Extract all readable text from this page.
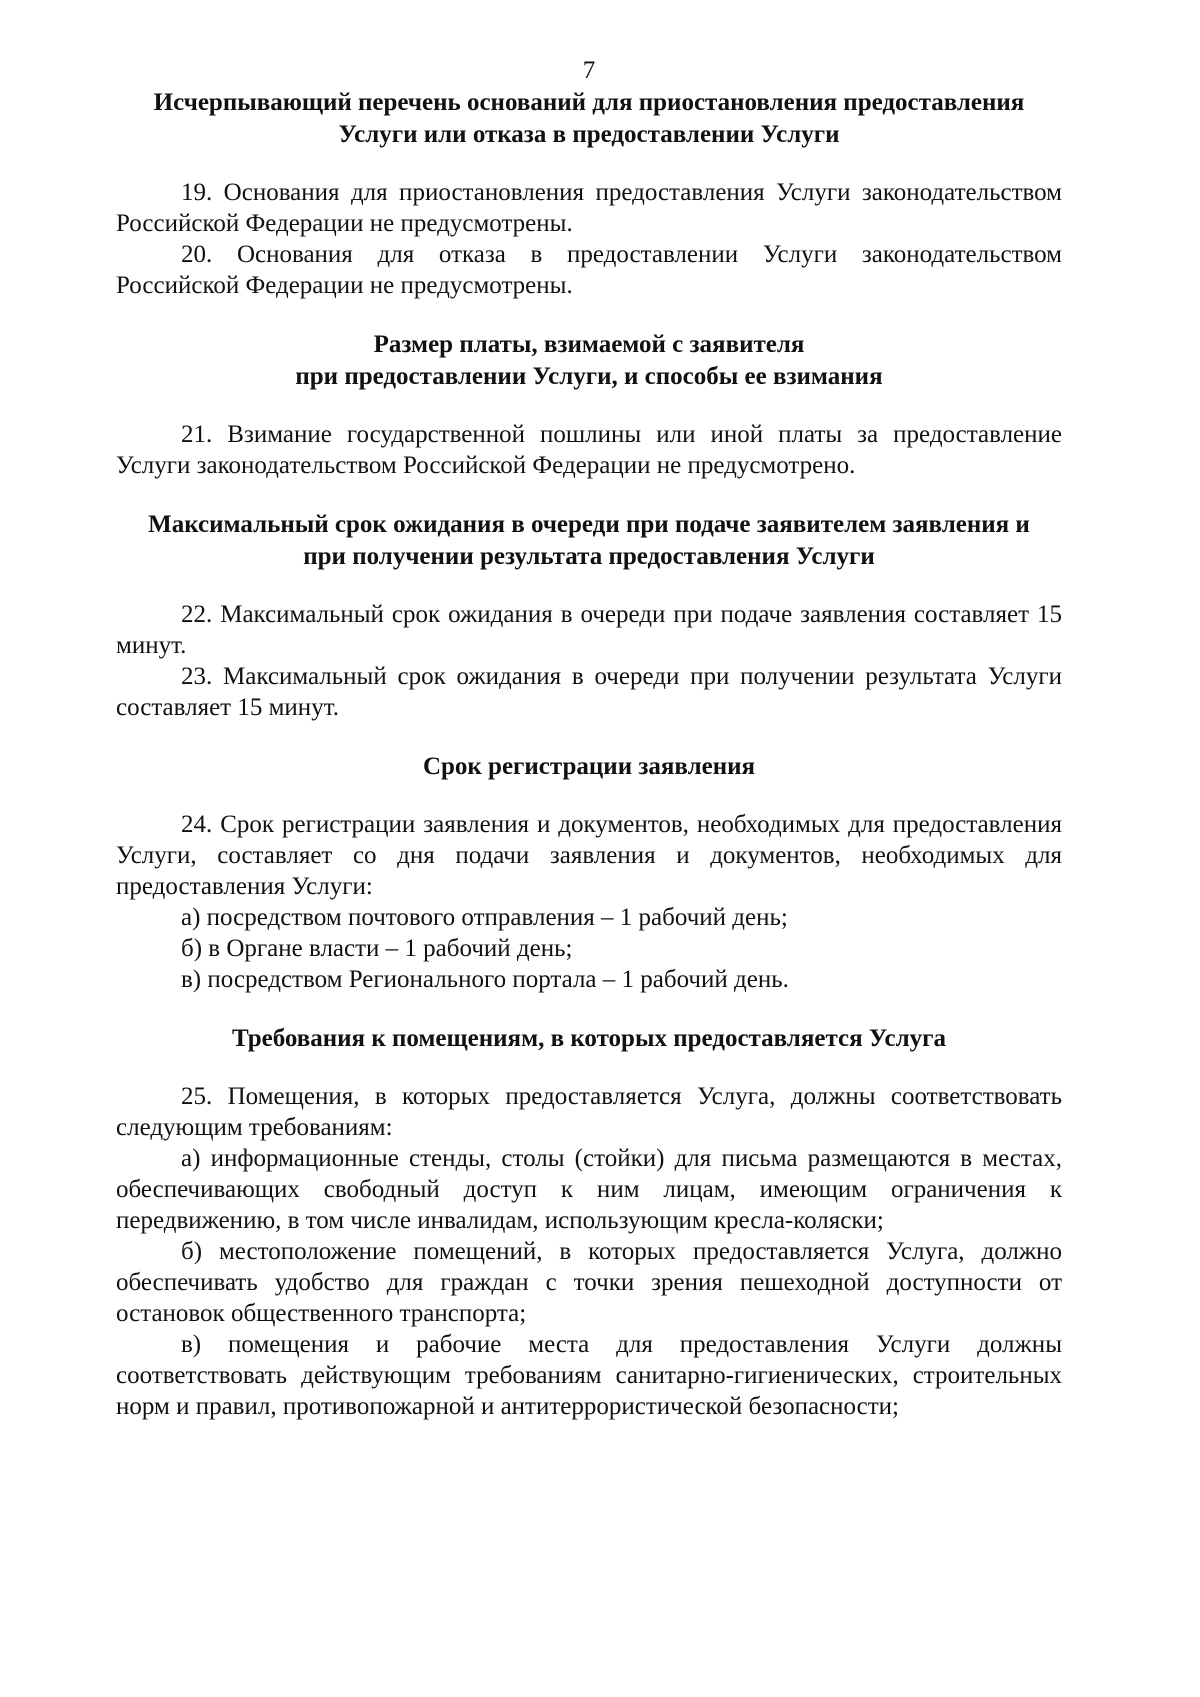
7
Исчерпывающий перечень оснований для приостановления предоставления
Услуги или отказа в предоставлении Услуги

19. Основания для приостановления предоставления Услуги законодательством Российской Федерации не предусмотрены.

20. Основания для отказа в предоставлении Услуги законодательством Российской Федерации не предусмотрены.

Размер платы, взимаемой с заявителя
при предоставлении Услуги, и способы ее взимания

21. Взимание государственной пошлины или иной платы за предоставление Услуги законодательством Российской Федерации не предусмотрено.

Максимальный срок ожидания в очереди при подаче заявителем заявления и
при получении результата предоставления Услуги

22. Максимальный срок ожидания в очереди при подаче заявления составляет 15 минут.

23. Максимальный срок ожидания в очереди при получении результата Услуги составляет 15 минут.

Срок регистрации заявления

24. Срок регистрации заявления и документов, необходимых для предоставления Услуги, составляет со дня подачи заявления и документов, необходимых для предоставления Услуги:

а) посредством почтового отправления – 1 рабочий день;

б) в Органе власти – 1 рабочий день;

в) посредством Регионального портала – 1 рабочий день.

Требования к помещениям, в которых предоставляется Услуга

25. Помещения, в которых предоставляется Услуга, должны соответствовать следующим требованиям:

а) информационные стенды, столы (стойки) для письма размещаются в местах, обеспечивающих свободный доступ к ним лицам, имеющим ограничения к передвижению, в том числе инвалидам, использующим кресла-коляски;

б) местоположение помещений, в которых предоставляется Услуга, должно обеспечивать удобство для граждан с точки зрения пешеходной доступности от остановок общественного транспорта;

в) помещения и рабочие места для предоставления Услуги должны соответствовать действующим требованиям санитарно-гигиенических, строительных норм и правил, противопожарной и антитеррористической безопасности;
